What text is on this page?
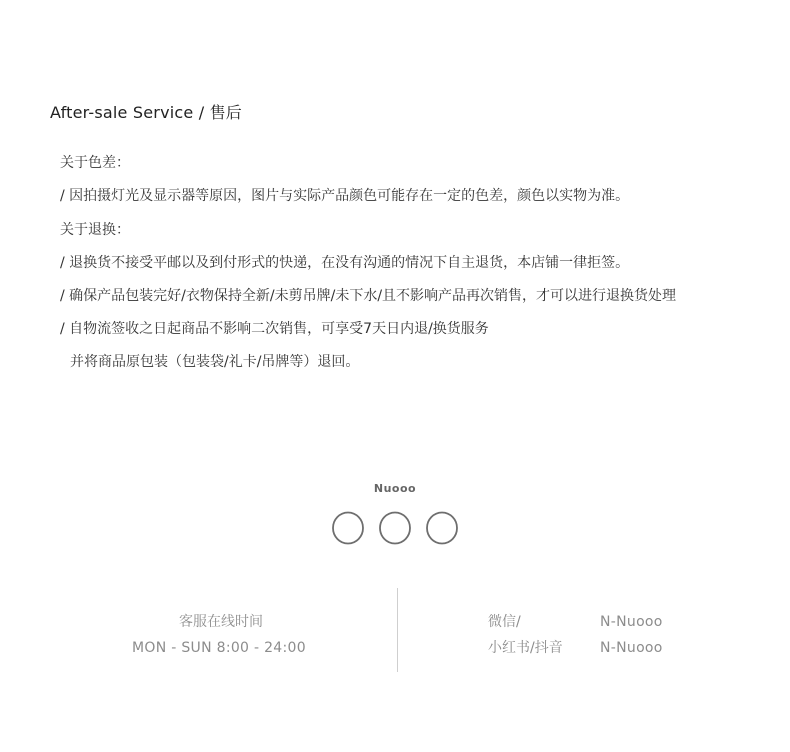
After-sale Service / 售后
关于色差：
/ 因拍摄灯光及显示器等原因，图片与实际产品颜色可能存在一定的色差，颜色以实物为准。
关于退换：
/ 退换货不接受平邮以及到付形式的快递，在没有沟通的情况下自主退货，本店铺一律拒签。
/ 确保产品包装完好/衣物保持全新/未剪吊牌/未下水/且不影响产品再次销售，才可以进行退换货处理
/ 自物流签收之日起商品不影响二次销售，可享受7天日内退/换货服务
并将商品原包装（包装袋/礼卡/吊牌等）退回。
Nuooo
客服在线时间
MON - SUN 8:00 - 24:00
微信/	N-Nuooo
小红书/抖音	N-Nuooo
